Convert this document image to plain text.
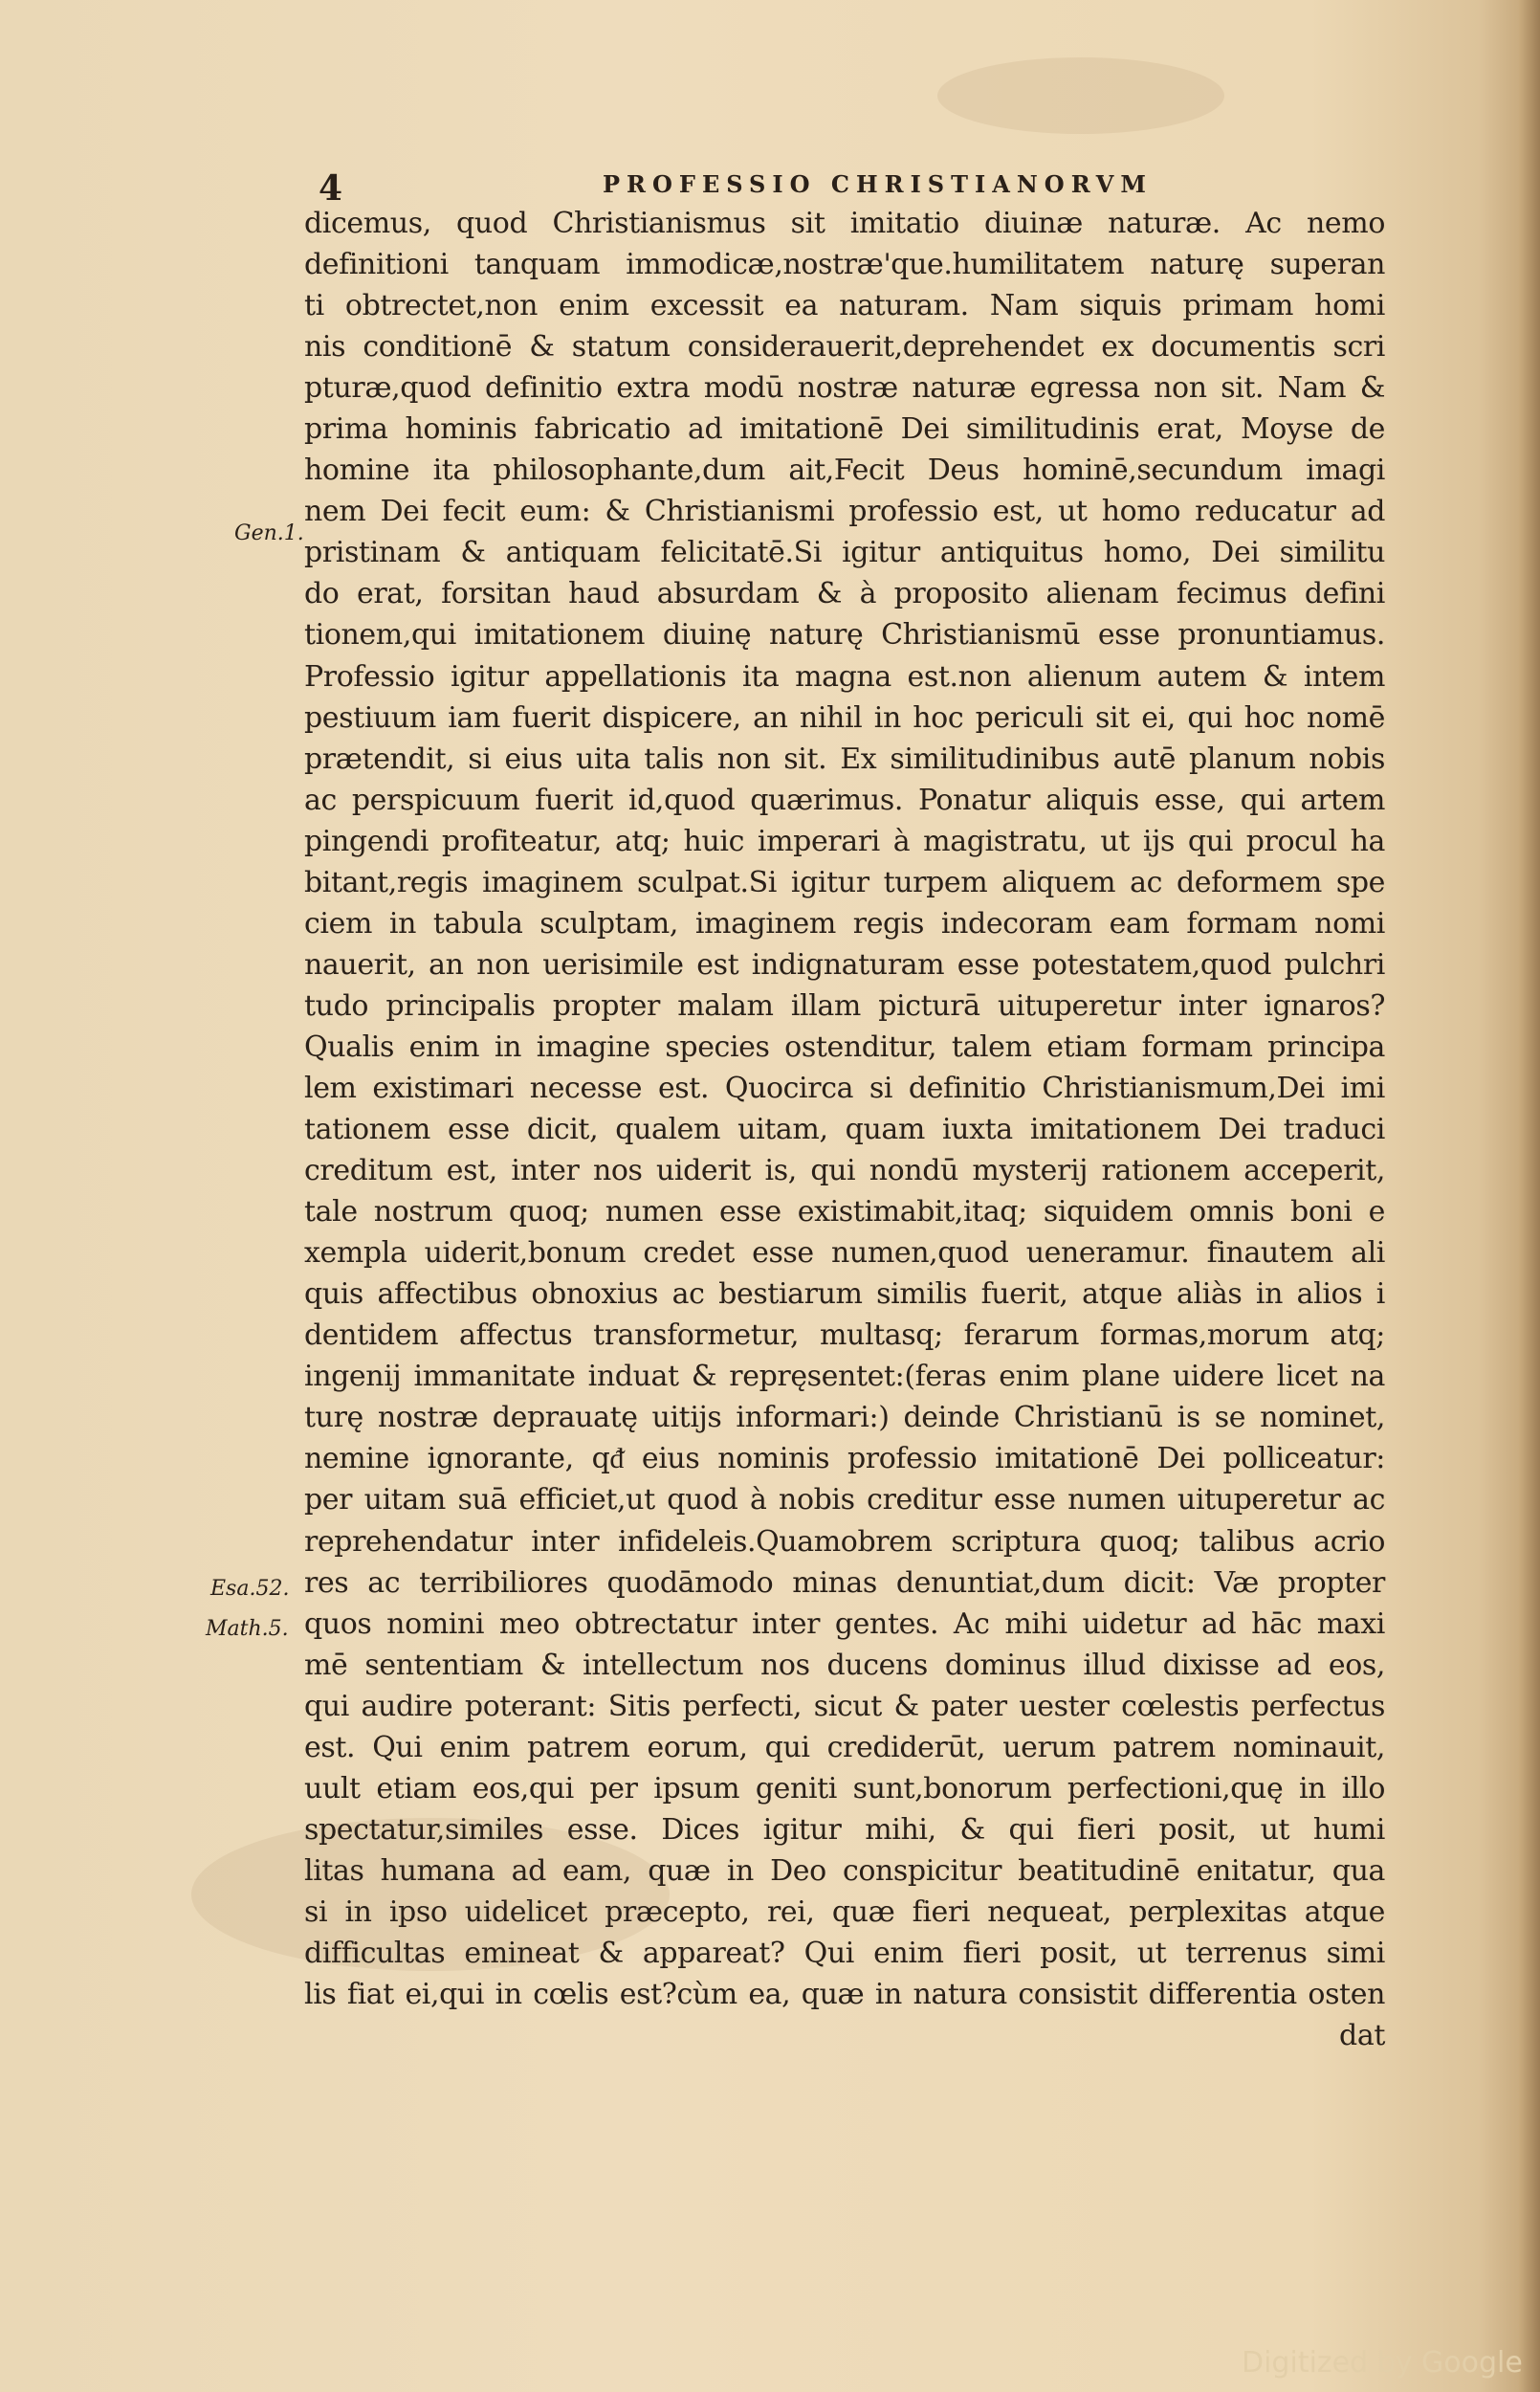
4	PROFESSIO CHRISTIANORVM
Gen.1.
Esa.52.
Math.5.
dicemus, quod Christianismus sit imitatio diuinæ naturæ. Ac nemo
definitioni tanquam immodicæ,nostræ'que.humilitatem naturę superan
ti obtrectet,non enim excessit ea naturam. Nam siquis primam homi
nis conditionē & statum considerauerit,deprehendet ex documentis scri
pturæ,quod definitio extra modū nostræ naturæ egressa non sit. Nam &
prima hominis fabricatio ad imitationē Dei similitudinis erat, Moyse de
homine ita philosophante,dum ait,Fecit Deus hominē,secundum imagi
nem Dei fecit eum: & Christianismi professio est, ut homo reducatur ad
pristinam & antiquam felicitatē.Si igitur antiquitus homo, Dei similitu
do erat, forsitan haud absurdam & à proposito alienam fecimus defini
tionem,qui imitationem diuinę naturę Christianismū esse pronuntiamus.
Professio igitur appellationis ita magna est.non alienum autem & intem
pestiuum iam fuerit dispicere, an nihil in hoc periculi sit ei, qui hoc nomē
prætendit, si eius uita talis non sit. Ex similitudinibus autē planum nobis
ac perspicuum fuerit id,quod quærimus. Ponatur aliquis esse, qui artem
pingendi profiteatur, atq; huic imperari à magistratu, ut ijs qui procul ha
bitant,regis imaginem sculpat.Si igitur turpem aliquem ac deformem spe
ciem in tabula sculptam, imaginem regis indecoram eam formam nomi
nauerit, an non uerisimile est indignaturam esse potestatem,quod pulchri
tudo principalis propter malam illam picturā uituperetur inter ignaros?
Qualis enim in imagine species ostenditur, talem etiam formam principa
lem existimari necesse est. Quocirca si definitio Christianismum,Dei imi
tationem esse dicit, qualem uitam, quam iuxta imitationem Dei traduci
creditum est, inter nos uiderit is, qui nondū mysterij rationem acceperit,
tale nostrum quoq; numen esse existimabit,itaq; siquidem omnis boni e
xempla uiderit,bonum credet esse numen,quod ueneramur. finautem ali
quis affectibus obnoxius ac bestiarum similis fuerit, atque aliàs in alios i
dentidem affectus transformetur, multasq; ferarum formas,morum atq;
ingenij immanitate induat & repręsentet:(feras enim plane uidere licet na
turę nostræ deprauatę uitijs informari:) deinde Christianū is se nominet,
nemine ignorante, qᵭ eius nominis professio imitationē Dei polliceatur:
per uitam suā efficiet,ut quod à nobis creditur esse numen uituperetur ac
reprehendatur inter infideleis.Quamobrem scriptura quoq; talibus acrio
res ac terribiliores quodāmodo minas denuntiat,dum dicit: Væ propter
quos nomini meo obtrectatur inter gentes. Ac mihi uidetur ad hāc maxi
mē sententiam & intellectum nos ducens dominus illud dixisse ad eos,
qui audire poterant: Sitis perfecti, sicut & pater uester cœlestis perfectus
est. Qui enim patrem eorum, qui crediderūt, uerum patrem nominauit,
uult etiam eos,qui per ipsum geniti sunt,bonorum perfectioni,quę in illo
spectatur,similes esse. Dices igitur mihi, & qui fieri posit, ut humi
litas humana ad eam, quæ in Deo conspicitur beatitudinē enitatur, qua
si in ipso uidelicet præcepto, rei, quæ fieri nequeat, perplexitas atque
difficultas emineat & appareat? Qui enim fieri posit, ut terrenus simi
lis fiat ei,qui in cœlis est?cùm ea, quæ in natura consistit differentia osten
dat
Digitized by Google
